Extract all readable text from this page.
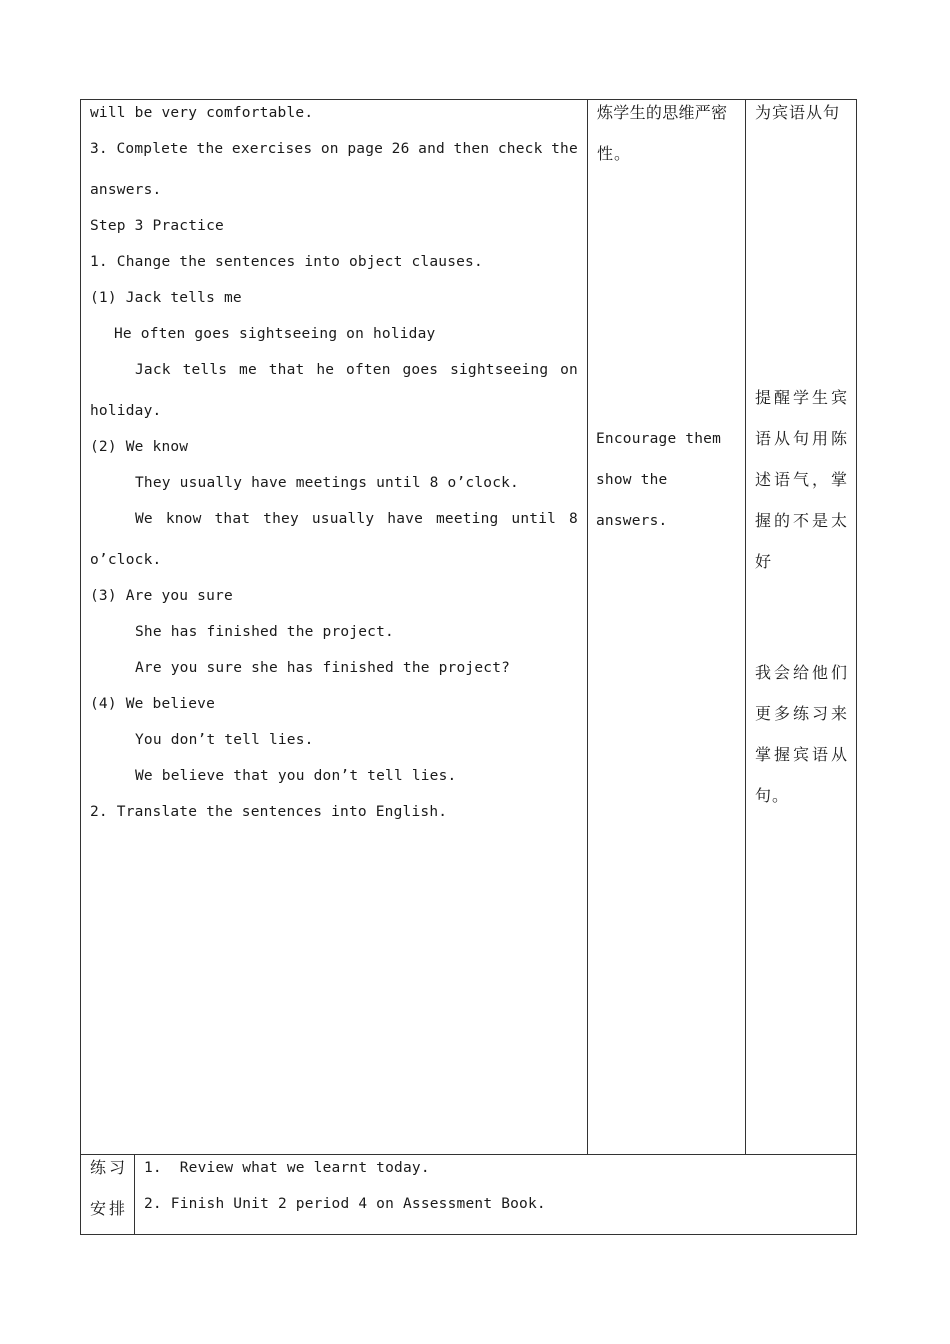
will be very comfortable.
3. Complete the exercises on page 26 and then check the
answers.
Step 3 Practice
1. Change the sentences into object clauses.
(1) Jack tells me
He often goes sightseeing on holiday
Jack tells me that he often goes sightseeing on
holiday.
(2) We know
They usually have meetings until 8 o’clock.
We know that they usually have meeting until 8
o’clock.
(3) Are you sure
She has finished the project.
Are you sure she has finished the project?
(4) We believe
You don’t tell lies.
We believe that you don’t tell lies.
2. Translate the sentences into English.
炼学生的思维严密
性。
Encourage them
show the
answers.
为宾语从句
提醒学生宾
语从句用陈
述语气，掌
握的不是太
好
我会给他们
更多练习来
掌握宾语从
句。
练习
安排
1.  Review what we learnt today.
2. Finish Unit 2 period 4 on Assessment Book.
